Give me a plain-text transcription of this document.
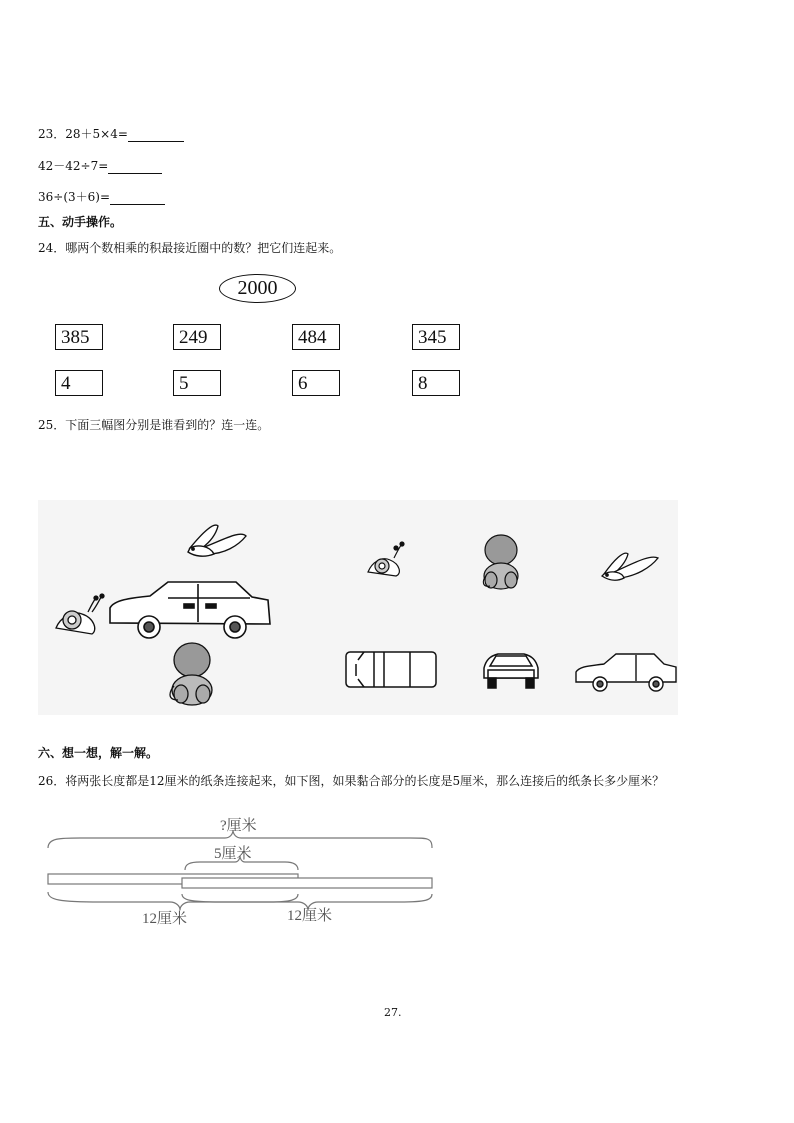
23．28＋5×4=
42－42÷7=
36÷(3＋6)=
五、动手操作。
24．哪两个数相乘的积最接近圈中的数？把它们连起来。
2000
385	249	484	345
4	5	6	8
25．下面三幅图分别是谁看到的？连一连。
六、想一想，解一解。
26．将两张长度都是12厘米的纸条连接起来，如下图，如果黏合部分的长度是5厘米，那么连接后的纸条长多少厘米？
?厘米
5厘米
12厘米	12厘米
27.
